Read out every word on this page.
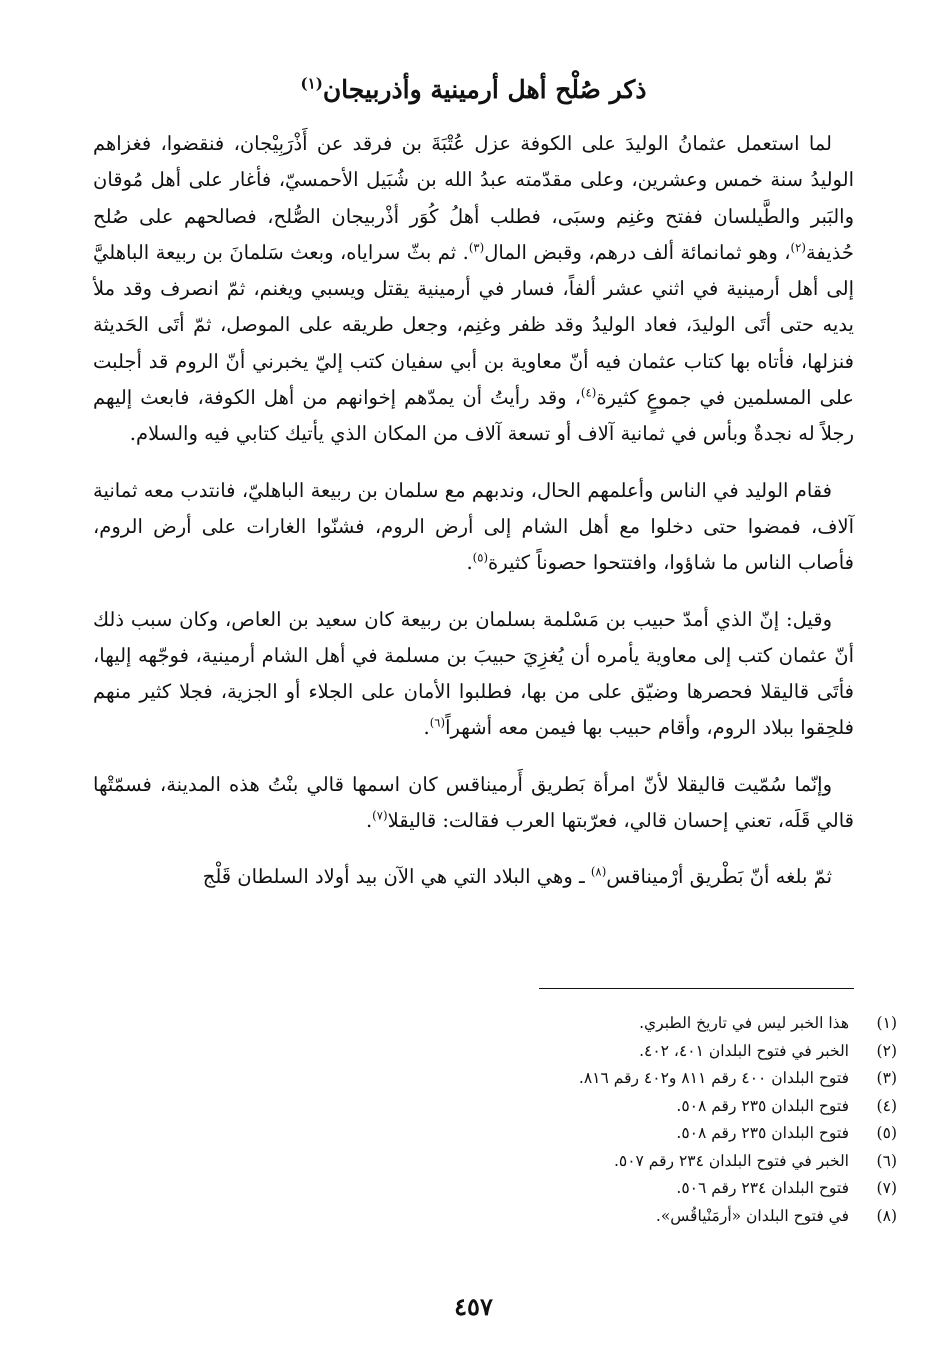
ذكر صُلْح أهل أرمينية وأذربيجان$^{(١)}$

لما استعمل عثمانُ الوليدَ على الكوفة عزل عُتْبَةَ بن فرقد عن أَذْرَبِيْجان، فنقضوا، فغزاهم الوليدُ سنة خمس وعشرين، وعلى مقدّمته عبدُ الله بن شُبَيل الأحمسيّ، فأغار على أهل مُوقان والبَبر والطَّيلسان ففتح وغنِم وسبَى، فطلب أهلُ كُوَر أذْربيجان الصُّلح، فصالحهم على صُلح حُذيفة$^{(٢)}$، وهو ثمانمائة ألف درهم، وقبض المال$^{(٣)}$. ثم بثّ سراياه، وبعث سَلمانَ بن ربيعة الباهليَّ إلى أهل أرمينية في اثني عشر ألفاً، فسار في أرمينية يقتل ويسبي ويغنم، ثمّ انصرف وقد ملأ يديه حتى أتَى الوليدَ، فعاد الوليدُ وقد ظفر وغنِم، وجعل طريقه على الموصل، ثمّ أتَى الحَديثة فنزلها، فأتاه بها كتاب عثمان فيه أنّ معاوية بن أبي سفيان كتب إليّ يخبرني أنّ الروم قد أجلبت على المسلمين في جموعٍ كثيرة$^{(٤)}$، وقد رأيتُ أن يمدّهم إخوانهم من أهل الكوفة، فابعث إليهم رجلاً له نجدةٌ وبأس في ثمانية آلاف أو تسعة آلاف من المكان الذي يأتيك كتابي فيه والسلام.

فقام الوليد في الناس وأعلمهم الحال، وندبهم مع سلمان بن ربيعة الباهليّ، فانتدب معه ثمانية آلاف، فمضوا حتى دخلوا مع أهل الشام إلى أرض الروم، فشنّوا الغارات على أرض الروم، فأصاب الناس ما شاؤوا، وافتتحوا حصوناً كثيرة$^{(٥)}$.

وقيل: إنّ الذي أمدّ حبيب بن مَسْلمة بسلمان بن ربيعة كان سعيد بن العاص، وكان سبب ذلك أنّ عثمان كتب إلى معاوية يأمره أن يُغزِيَ حبيبَ بن مسلمة في أهل الشام أرمينية، فوجّهه إليها، فأتَى قاليقلا فحصرها وضيّق على من بها، فطلبوا الأمان على الجلاء أو الجزية، فجلا كثير منهم فلحِقوا ببلاد الروم، وأقام حبيب بها فيمن معه أشهراً$^{(٦)}$.

وإنّما سُمّيت قاليقلا لأنّ امرأة بَطريق أَرميناقس كان اسمها قالي بنْتُ هذه المدينة، فسمّتْها قالي قَلَه، تعني إحسان قالي، فعرّبتها العرب فقالت: قاليقلا$^{(٧)}$.

ثمّ بلغه أنّ بَطْريق أرْميناقس$^{(٨)}$ ـ وهي البلاد التي هي الآن بيد أولاد السلطان قَلْج

(١)
هذا الخبر ليس في تاريخ الطبري.
(٢)
الخبر في فتوح البلدان ٤٠١، ٤٠٢.
(٣)
فتوح البلدان ٤٠٠ رقم ٨١١ و٤٠٢ رقم ٨١٦.
(٤)
فتوح البلدان ٢٣٥ رقم ٥٠٨.
(٥)
فتوح البلدان ٢٣٥ رقم ٥٠٨.
(٦)
الخبر في فتوح البلدان ٢٣٤ رقم ٥٠٧.
(٧)
فتوح البلدان ٢٣٤ رقم ٥٠٦.
(٨)
في فتوح البلدان «أرمَنْياقُس».
٤٥٧
